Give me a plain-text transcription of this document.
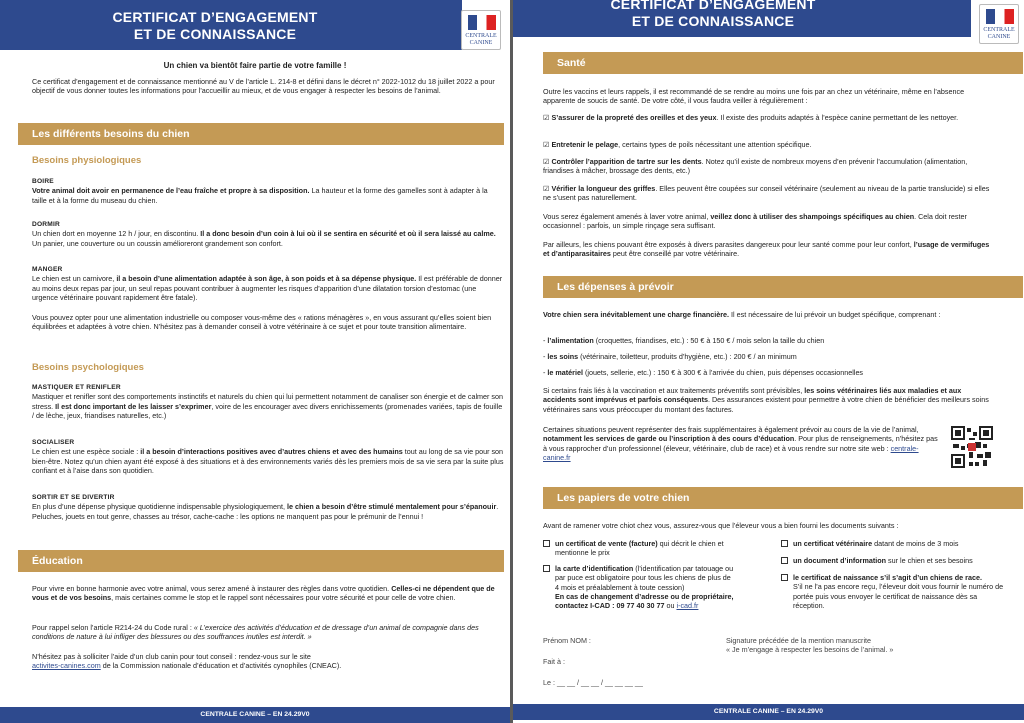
CERTIFICAT D’ENGAGEMENT
ET DE CONNAISSANCE	CENTRALE
CANINE
Un chien va bientôt faire partie de votre famille !
Ce certificat d’engagement et de connaissance mentionné au V de l’article L. 214-8 et défini dans le décret n° 2022-1012 du 18 juillet 2022 a pour objectif de vous donner toutes les informations pour l’accueillir au mieux, et de vous engager à respecter les besoins de l’animal.
Les différents besoins du chien
Besoins physiologiques
BOIRE
Votre animal doit avoir en permanence de l’eau fraîche et propre à sa disposition. La hauteur et la forme des gamelles sont à adapter à la taille et à la forme du museau du chien.
DORMIR
Un chien dort en moyenne 12 h / jour, en discontinu. Il a donc besoin d’un coin à lui où il se sentira en sécurité et où il sera laissé au calme. Un panier, une couverture ou un coussin amélioreront grandement son confort.
MANGER
Le chien est un carnivore, il a besoin d’une alimentation adaptée à son âge, à son poids et à sa dépense physique. Il est préférable de donner au moins deux repas par jour, un seul repas pouvant contribuer à augmenter les risques d’apparition d’une dilatation torsion d’estomac (une urgence vétérinaire pouvant rapidement être fatale).
Vous pouvez opter pour une alimentation industrielle ou composer vous-même des « rations ménagères », en vous assurant qu’elles soient bien équilibrées et adaptées à votre chien. N’hésitez pas à demander conseil à votre vétérinaire à ce sujet et pour toute transition alimentaire.
Besoins psychologiques
MASTIQUER ET RENIFLER
Mastiquer et renifler sont des comportements instinctifs et naturels du chien qui lui permettent notamment de canaliser son énergie et de calmer son stress. Il est donc important de les laisser s’exprimer, voire de les encourager avec divers enrichissements (promenades variées, tapis de fouille / de lèche, jeux, friandises naturelles, etc.)
SOCIALISER
Le chien est une espèce sociale : il a besoin d’interactions positives avec d’autres chiens et avec des humains tout au long de sa vie pour son bien-être. Notez qu’un chien ayant été exposé à des situations et à des environnements variés dès les premiers mois de sa vie sera par la suite plus confiant et à l’aise dans son quotidien.
SORTIR ET SE DIVERTIR
En plus d’une dépense physique quotidienne indispensable physiologiquement, le chien a besoin d’être stimulé mentalement pour s’épanouir. Peluches, jouets en tout genre, chasses au trésor, cache-cache : les options ne manquent pas pour le prémunir de l’ennui !
Éducation
Pour vivre en bonne harmonie avec votre animal, vous serez amené à instaurer des règles dans votre quotidien. Celles-ci ne dépendent que de vous et de vos besoins, mais certaines comme le stop et le rappel sont nécessaires pour votre sécurité et pour celle de votre chien.
Pour rappel selon l’article R214-24 du Code rural : « L’exercice des activités d’éducation et de dressage d’un animal de compagnie dans des conditions de nature à lui infliger des blessures ou des souffrances inutiles est interdit. »
N’hésitez pas à solliciter l’aide d’un club canin pour tout conseil : rendez-vous sur le site
activites-canines.com de la Commission nationale d’éducation et d’activités cynophiles (CNEAC).
CENTRALE CANINE – EN 24.29V0
CERTIFICAT D’ENGAGEMENT
ET DE CONNAISSANCE
CENTRALE
CANINE
Santé
Outre les vaccins et leurs rappels, il est recommandé de se rendre au moins une fois par an chez un vétérinaire, même en l’absence apparente de soucis de santé. De votre côté, il vous faudra veiller à régulièrement :
☑ S’assurer de la propreté des oreilles et des yeux. Il existe des produits adaptés à l’espèce canine permettant de les nettoyer.
☑ Entretenir le pelage, certains types de poils nécessitant une attention spécifique.
☑ Contrôler l’apparition de tartre sur les dents. Notez qu’il existe de nombreux moyens d’en prévenir l’accumulation (alimentation, friandises à mâcher, brossage des dents, etc.)
☑ Vérifier la longueur des griffes. Elles peuvent être coupées sur conseil vétérinaire (seulement au niveau de la partie translucide) si elles ne s’usent pas naturellement.
Vous serez également amenés à laver votre animal, veillez donc à utiliser des shampoings spécifiques au chien. Cela doit rester occasionnel : parfois, un simple rinçage sera suffisant.
Par ailleurs, les chiens pouvant être exposés à divers parasites dangereux pour leur santé comme pour leur confort, l’usage de vermifuges et d’antiparasitaires peut être conseillé par votre vétérinaire.
Les dépenses à prévoir
Votre chien sera inévitablement une charge financière. Il est nécessaire de lui prévoir un budget spécifique, comprenant :
- l’alimentation (croquettes, friandises, etc.) : 50 € à 150 € / mois selon la taille du chien
- les soins (vétérinaire, toiletteur, produits d’hygiène, etc.) : 200 € / an minimum
- le matériel (jouets, sellerie, etc.) : 150 € à 300 € à l’arrivée du chien, puis dépenses occasionnelles
Si certains frais liés à la vaccination et aux traitements préventifs sont prévisibles, les soins vétérinaires liés aux maladies et aux accidents sont imprévus et parfois conséquents. Des assurances existent pour permettre à votre chien de bénéficier des meilleurs soins vétérinaires sans vous préoccuper du montant des factures.
Certaines situations peuvent représenter des frais supplémentaires à également prévoir au cours de la vie de l’animal, notamment les services de garde ou l’inscription à des cours d’éducation. Pour plus de renseignements, n’hésitez pas à vous rapprocher d’un professionnel (éleveur, vétérinaire, club de race) et à vous rendre sur notre site web : centrale-canine.fr
Les papiers de votre chien
Avant de ramener votre chiot chez vous, assurez-vous que l’éleveur vous a bien fourni les documents suivants :
un certificat de vente (facture) qui décrit le chien et mentionne le prix
la carte d’identification (l’identification par tatouage ou par puce est obligatoire pour tous les chiens de plus de 4 mois et préalablement à toute cession)
En cas de changement d’adresse ou de propriétaire, contactez I-CAD : 09 77 40 30 77 ou i-cad.fr
un certificat vétérinaire datant de moins de 3 mois
un document d’information sur le chien et ses besoins
le certificat de naissance s’il s’agit d’un chiens de race.
S’il ne l’a pas encore reçu, l’éleveur doit vous fournir le numéro de portée puis vous envoyer le certificat de naissance dès sa réception.
Prénom NOM :	Signature précédée de la mention manuscrite
« Je m’engage à respecter les besoins de l’animal. »
Fait à :
Le : __ __ / __ __ / __ __ __ __
CENTRALE CANINE – EN 24.29V0
